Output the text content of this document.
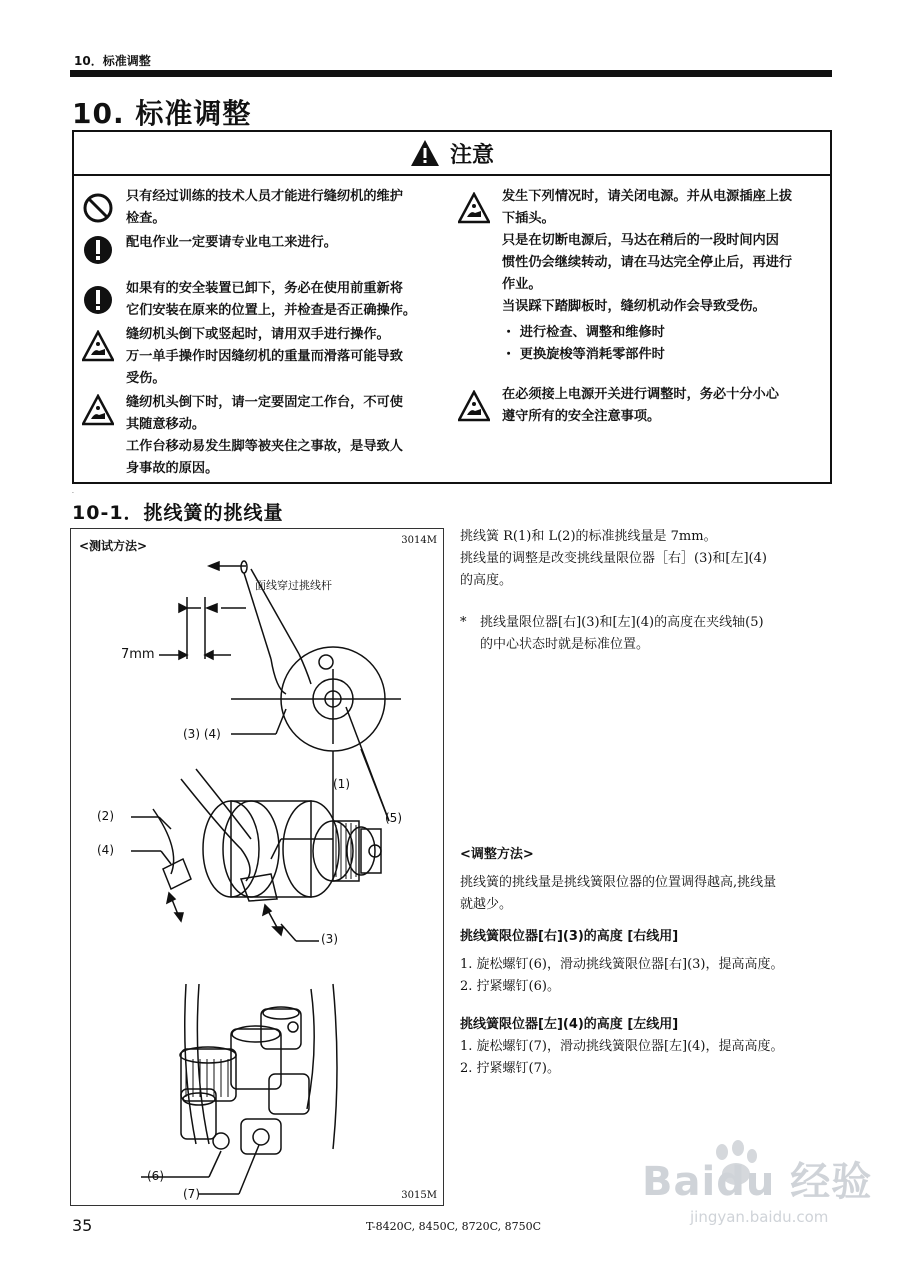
10．标准调整
10. 标准调整
注意

只有经过训练的技术人员才能进行缝纫机的维护

检查。

配电作业一定要请专业电工来进行。

如果有的安全装置已卸下，务必在使用前重新将

它们安装在原来的位置上，并检查是否正确操作。

缝纫机头倒下或竖起时，请用双手进行操作。

万一单手操作时因缝纫机的重量而滑落可能导致

受伤。

缝纫机头倒下时，请一定要固定工作台，不可使

其随意移动。

工作台移动易发生脚等被夹住之事故，是导致人

身事故的原因。

发生下列情况时，请关闭电源。并从电源插座上拔

下插头。

只是在切断电源后，马达在稍后的一段时间内因

惯性仍会继续转动，请在马达完全停止后，再进行

作业。

当误踩下踏脚板时，缝纫机动作会导致受伤。

・ 进行检查、调整和维修时

・ 更换旋梭等消耗零部件时

在必须接上电源开关进行调整时，务必十分小心

遵守所有的安全注意事项。

.
10-1．挑线簧的挑线量
<测试方法>	3014M
3015M
面线穿过挑线杆
7mm
(3) (4)
(1)
(5)
(2)
(4)
(3)
(6)
(7)

挑线簧 R(1)和 L(2)的标准挑线量是 7mm。

挑线量的调整是改变挑线量限位器［右］(3)和[左](4)

的高度。

* 挑线量限位器[右](3)和[左](4)的高度在夹线轴(5)

的中心状态时就是标准位置。

<调整方法>

挑线簧的挑线量是挑线簧限位器的位置调得越高,挑线量

就越少。

挑线簧限位器[右](3)的高度 [右线用]

1. 旋松螺钉(6)，滑动挑线簧限位器[右](3)，提高高度。

2. 拧紧螺钉(6)。

挑线簧限位器[左](4)的高度 [左线用]

1. 旋松螺钉(7)，滑动挑线簧限位器[左](4)，提高高度。

2. 拧紧螺钉(7)。

Baidu 经验
jingyan.baidu.com
35	T-8420C, 8450C, 8720C, 8750C
